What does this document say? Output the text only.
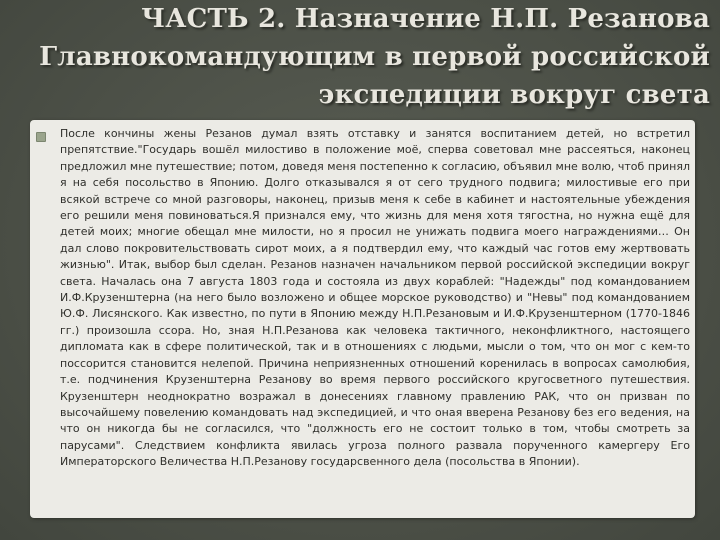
ЧАСТЬ 2. Назначение Н.П. Резанова
Главнокомандующим в первой российской
экспедиции вокруг света

После кончины жены Резанов думал взять отставку и занятся воспитанием детей, но встретил препятствие."Государь вошёл милостиво в положение моё, сперва советовал мне рассеяться, наконец предложил мне путешествие; потом, доведя меня постепенно к согласию, объявил мне волю, чтоб принял я на себя посольство в Японию. Долго отказывался я от сего трудного подвига; милостивые его при всякой встрече со мной разговоры, наконец, призыв меня к себе в кабинет и настоятельные убеждения его решили меня повиноваться.Я признался ему, что жизнь для меня хотя тягостна, но нужна ещё для детей моих; многие обещал мне милости, но я просил не унижать подвига моего награждениями… Он дал слово покровительствовать сирот моих, а я подтвердил ему, что каждый час готов ему жертвовать жизнью". Итак, выбор был сделан. Резанов назначен начальником первой российской экспедиции вокруг света. Началась она 7 августа 1803 года и состояла из двух кораблей: "Надежды" под командованием И.Ф.Крузенштерна (на него было возложено и общее морское руководство) и "Невы" под командованием Ю.Ф. Лисянского. Как известно, по пути в Японию между Н.П.Резановым и И.Ф.Крузенштерном (1770-1846 гг.) произошла ссора. Но, зная Н.П.Резанова как человека тактичного, неконфликтного, настоящего дипломата как в сфере политической, так и в отношениях с людьми, мысли о том, что он мог с кем-то поссорится становится нелепой. Причина неприязненных отношений коренилась в вопросах самолюбия, т.е. подчинения Крузенштерна Резанову во время первого российского кругосветного путешествия. Крузенштерн неоднократно возражал в донесениях главному правлению РАК, что он призван по высочайшему повелению командовать над экспедицией, и что оная вверена Резанову без его ведения, на что он никогда бы не согласился, что "должность его не состоит только в том, чтобы смотреть за парусами". Следствием конфликта явилась угроза полного развала порученного камергеру Его Императорского Величества Н.П.Резанову государсвенного дела (посольства в Японии).
